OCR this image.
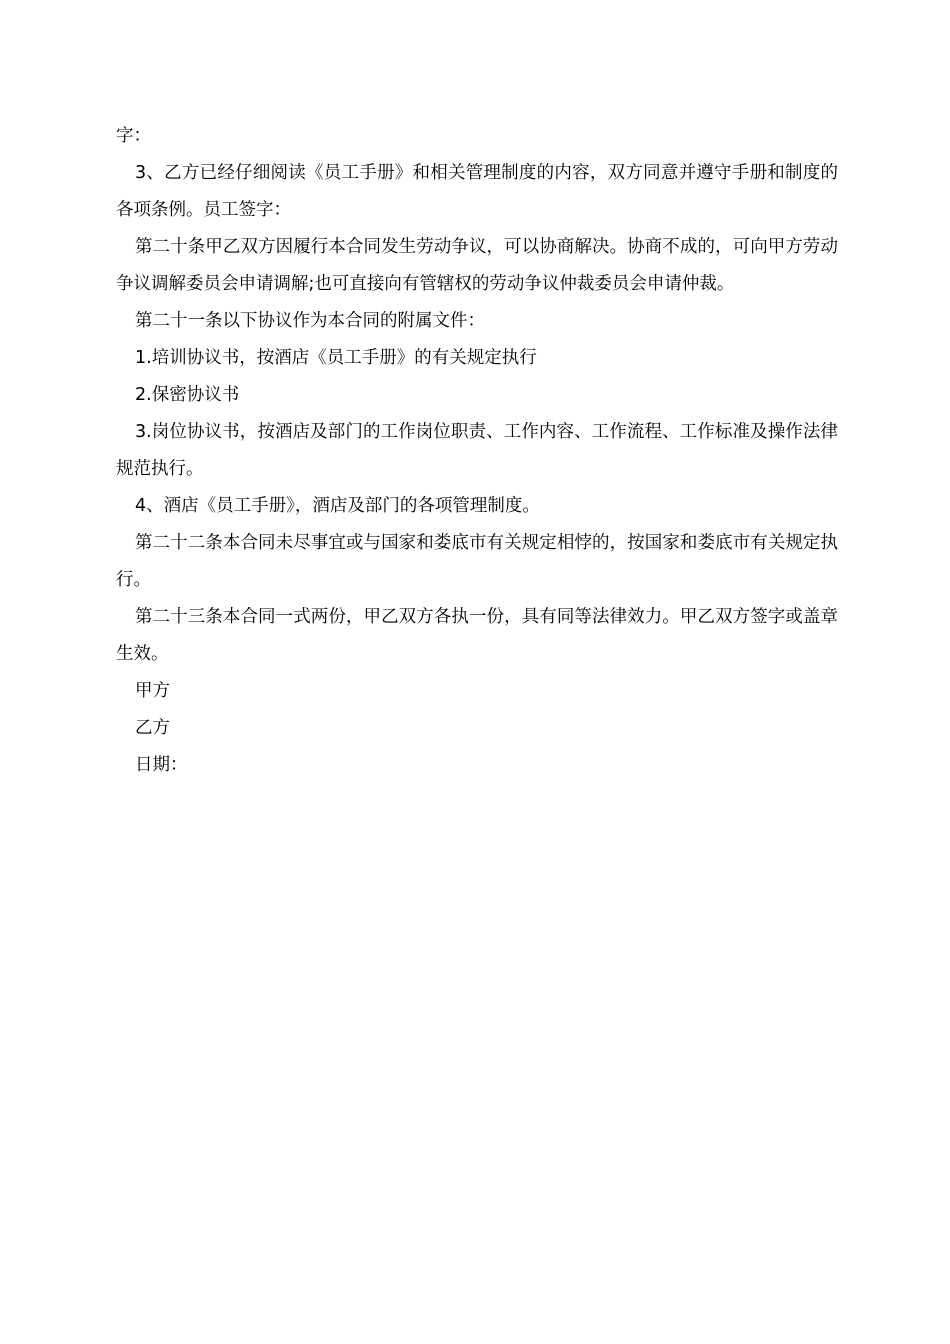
字：

3、乙方已经仔细阅读《员工手册》和相关管理制度的内容，双方同意并遵守手册和制度的各项条例。员工签字：

第二十条甲乙双方因履行本合同发生劳动争议，可以协商解决。协商不成的，可向甲方劳动争议调解委员会申请调解;也可直接向有管辖权的劳动争议仲裁委员会申请仲裁。

第二十一条以下协议作为本合同的附属文件：

1.培训协议书，按酒店《员工手册》的有关规定执行

2.保密协议书

3.岗位协议书，按酒店及部门的工作岗位职责、工作内容、工作流程、工作标准及操作法律规范执行。

4、酒店《员工手册》，酒店及部门的各项管理制度。

第二十二条本合同未尽事宜或与国家和娄底市有关规定相悖的，按国家和娄底市有关规定执行。

第二十三条本合同一式两份，甲乙双方各执一份，具有同等法律效力。甲乙双方签字或盖章生效。

甲方

乙方

日期：
